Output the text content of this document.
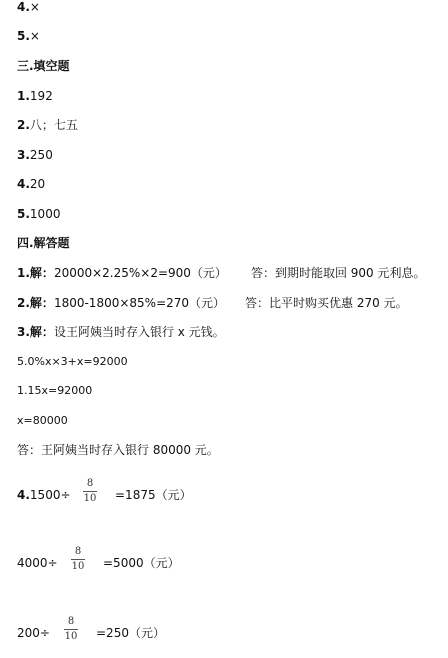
4.×
5.×
三.填空题
1.192
2.八；七五
3.250
4.20
5.1000
四.解答题
1.解：20000×2.25%×2=900（元） 答：到期时能取回 900 元利息。
2.解：1800-1800×85%=270（元） 答：比平时购买优惠 270 元。
3.解：设王阿姨当时存入银行 x 元钱。
5.0%x×3+x=92000
1.15x=92000
x=80000
答：王阿姨当时存入银行 80000 元。
4.1500÷
8
10 =1875（元）
4000÷
8
10 =5000（元）
200÷
8
10 =250（元）
